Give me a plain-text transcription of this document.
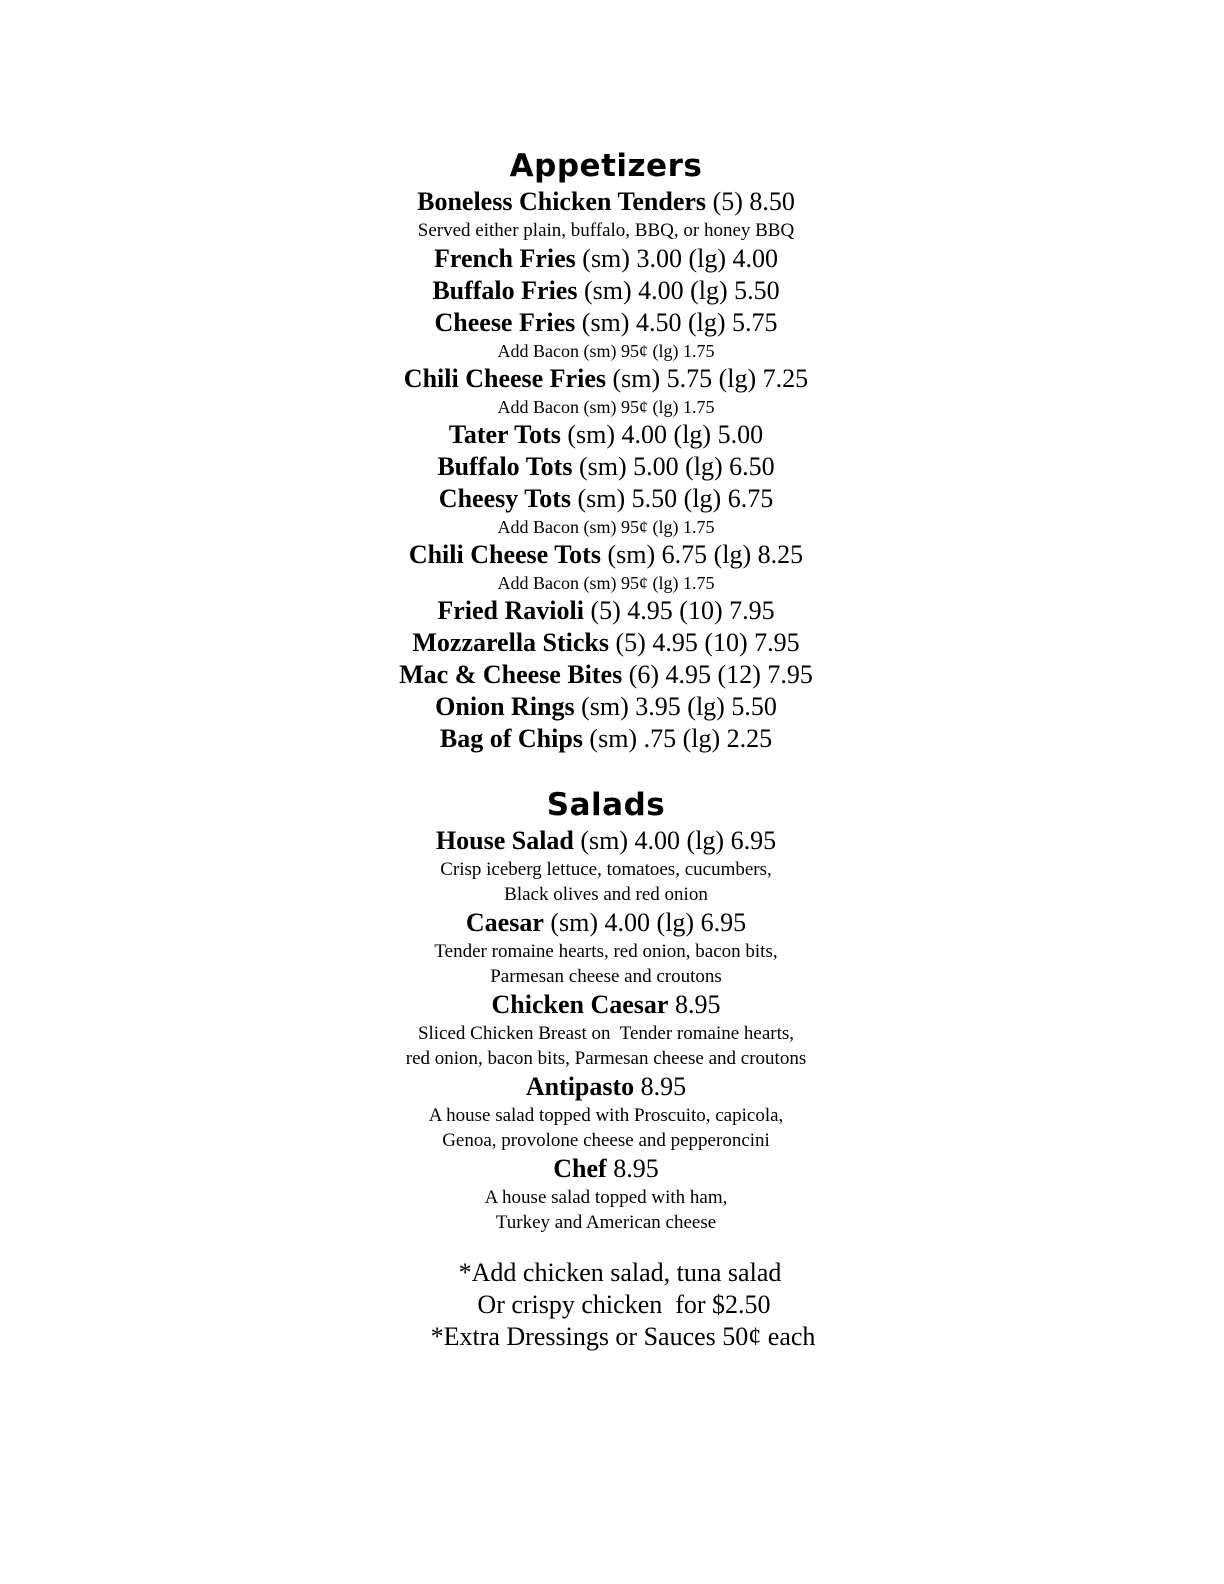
Appetizers

Boneless Chicken Tenders (5) 8.50

Served either plain, buffalo, BBQ, or honey BBQ

French Fries (sm) 3.00 (lg) 4.00

Buffalo Fries (sm) 4.00 (lg) 5.50

Cheese Fries (sm) 4.50 (lg) 5.75

Add Bacon (sm) 95¢ (lg) 1.75

Chili Cheese Fries (sm) 5.75 (lg) 7.25

Add Bacon (sm) 95¢ (lg) 1.75

Tater Tots (sm) 4.00 (lg) 5.00

Buffalo Tots (sm) 5.00 (lg) 6.50

Cheesy Tots (sm) 5.50 (lg) 6.75

Add Bacon (sm) 95¢ (lg) 1.75

Chili Cheese Tots (sm) 6.75 (lg) 8.25

Add Bacon (sm) 95¢ (lg) 1.75

Fried Ravioli (5) 4.95 (10) 7.95

Mozzarella Sticks (5) 4.95 (10) 7.95

Mac & Cheese Bites (6) 4.95 (12) 7.95

Onion Rings (sm) 3.95 (lg) 5.50

Bag of Chips (sm) .75 (lg) 2.25

Salads

House Salad (sm) 4.00 (lg) 6.95

Crisp iceberg lettuce, tomatoes, cucumbers,

Black olives and red onion

Caesar (sm) 4.00 (lg) 6.95

Tender romaine hearts, red onion, bacon bits,

Parmesan cheese and croutons

Chicken Caesar 8.95

Sliced Chicken Breast on  Tender romaine hearts,

red onion, bacon bits, Parmesan cheese and croutons

Antipasto 8.95

A house salad topped with Proscuito, capicola,

Genoa, provolone cheese and pepperoncini

Chef 8.95

A house salad topped with ham,

Turkey and American cheese

*Add chicken salad, tuna salad

Or crispy chicken  for $2.50

*Extra Dressings or Sauces 50¢ each
